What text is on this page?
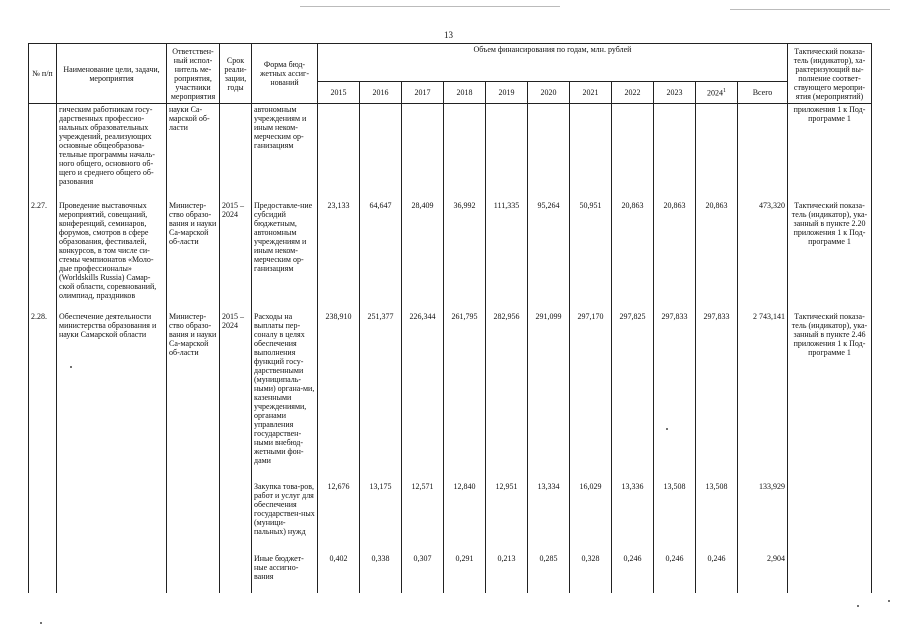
13
№ п/п	Наименование цели, задачи, мероприятия	Ответствен-ный испол-нитель ме-роприятия, участники мероприятия	Срок реали-зации, годы	Форма бюд-жетных ассиг-нований	Объем финансирования по годам, млн. рублей											Тактический показа-тель (индикатор), ха-рактеризующий вы-полнение соответ-ствующего меропри-ятия (мероприятий)
					2015	2016	2017	2018	2019	2020	2021	2022	2023	2024$^1$	Всего	
	гическим работникам госу-дарственных профессио-нальных образовательных учреждений, реализующих основные общеобразова-тельные программы началь-ного общего, основного об-щего и среднего общего об-разования	науки Са-марской об-ласти		автономным учреждениям и иным неком-мерческим ор-ганизациям												приложения 1 к Под-программе 1
2.27.	Проведение выставочных мероприятий, совещаний, конференций, семинаров, форумов, смотров в сфере образования, фестивалей, конкурсов, в том числе си-стемы чемпионатов «Моло-дые профессионалы» (Worldskills Russia) Самар-ской области, соревнований, олимпиад, праздников	Министер-ство образо-вания и науки Са-марской об-ласти	2015 – 2024	Предоставле-ние субсидий бюджетным, автономным учреждениям и иным неком-мерческим ор-ганизациям	23,133	64,647	28,409	36,992	111,335	95,264	50,951	20,863	20,863	20,863	473,320	Тактический показа-тель (индикатор), ука-занный в пункте 2.20 приложения 1 к Под-программе 1
2.28.	Обеспечение деятельности министерства образования и науки Самарской области	Министер-ство образо-вания и науки Са-марской об-ласти	2015 – 2024	Расходы на выплаты пер-соналу в целях обеспечения выполнения функций госу-дарственными (муниципаль-ными) органа-ми, казенными учреждениями, органами управления государствен-ными внебюд-жетными фон-дами	238,910	251,377	226,344	261,795	282,956	291,099	297,170	297,825	297,833	297,833	2 743,141	Тактический показа-тель (индикатор), ука-занный в пункте 2.46 приложения 1 к Под-программе 1
				Закупка това-ров, работ и услуг для обеспечения государствен-ных (муници-пальных) нужд	12,676	13,175	12,571	12,840	12,951	13,334	16,029	13,336	13,508	13,508	133,929	
				Иные бюджет-ные ассигно-вания	0,402	0,338	0,307	0,291	0,213	0,285	0,328	0,246	0,246	0,246	2,904	
